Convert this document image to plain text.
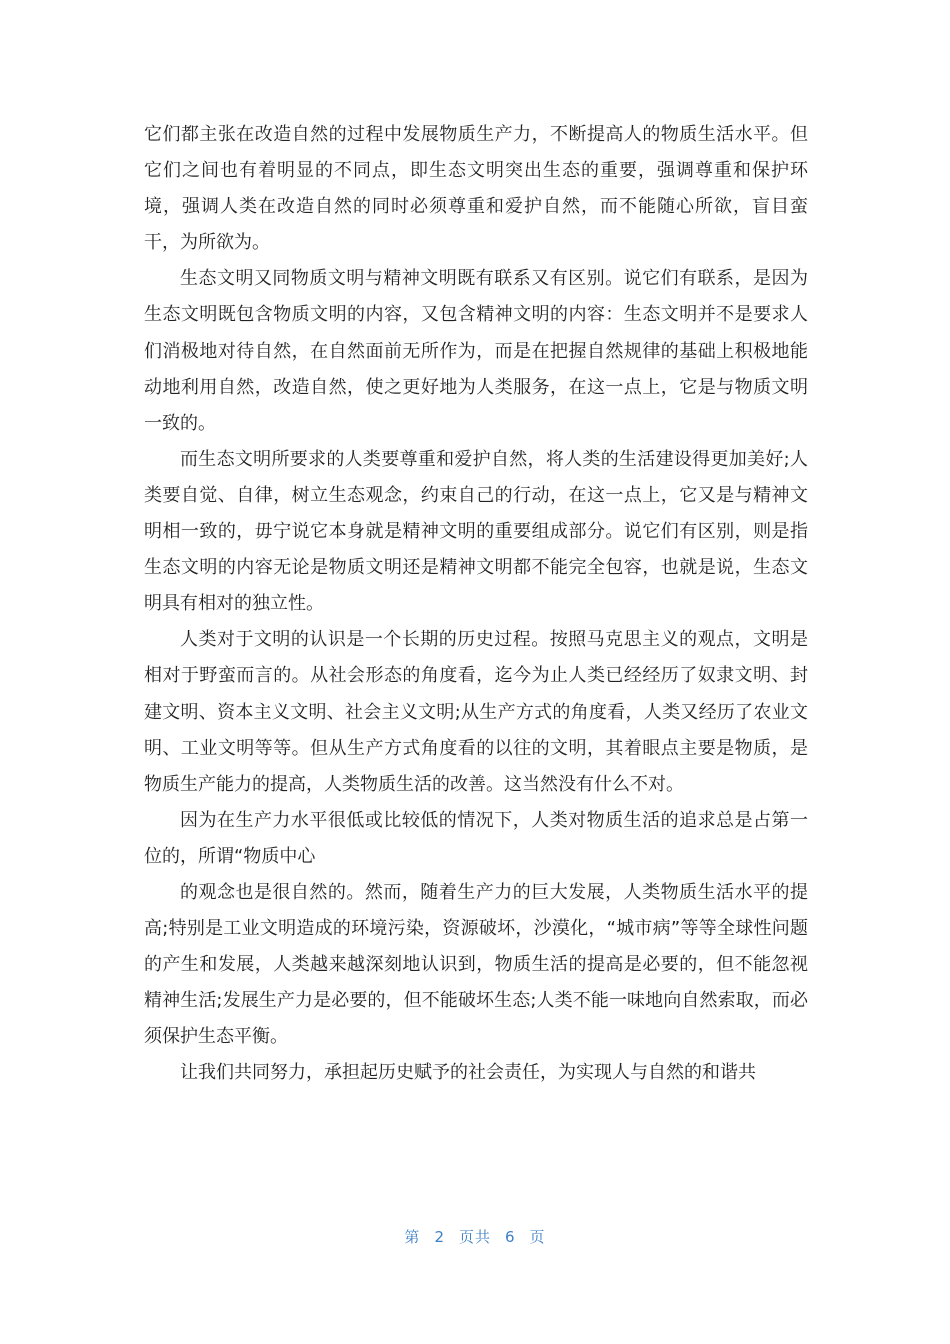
它们都主张在改造自然的过程中发展物质生产力，不断提高人的物质生活水平。但它们之间也有着明显的不同点，即生态文明突出生态的重要，强调尊重和保护环境，强调人类在改造自然的同时必须尊重和爱护自然，而不能随心所欲，盲目蛮干，为所欲为。

生态文明又同物质文明与精神文明既有联系又有区别。说它们有联系，是因为生态文明既包含物质文明的内容，又包含精神文明的内容：生态文明并不是要求人们消极地对待自然，在自然面前无所作为，而是在把握自然规律的基础上积极地能动地利用自然，改造自然，使之更好地为人类服务，在这一点上，它是与物质文明一致的。

而生态文明所要求的人类要尊重和爱护自然，将人类的生活建设得更加美好;人类要自觉、自律，树立生态观念，约束自己的行动，在这一点上，它又是与精神文明相一致的，毋宁说它本身就是精神文明的重要组成部分。说它们有区别，则是指生态文明的内容无论是物质文明还是精神文明都不能完全包容，也就是说，生态文明具有相对的独立性。

人类对于文明的认识是一个长期的历史过程。按照马克思主义的观点，文明是相对于野蛮而言的。从社会形态的角度看，迄今为止人类已经经历了奴隶文明、封建文明、资本主义文明、社会主义文明;从生产方式的角度看，人类又经历了农业文明、工业文明等等。但从生产方式角度看的以往的文明，其着眼点主要是物质，是物质生产能力的提高，人类物质生活的改善。这当然没有什么不对。

因为在生产力水平很低或比较低的情况下，人类对物质生活的追求总是占第一位的，所谓“物质中心

的观念也是很自然的。然而，随着生产力的巨大发展，人类物质生活水平的提高;特别是工业文明造成的环境污染，资源破坏，沙漠化，“城市病”等等全球性问题的产生和发展，人类越来越深刻地认识到，物质生活的提高是必要的，但不能忽视精神生活;发展生产力是必要的，但不能破坏生态;人类不能一味地向自然索取，而必须保护生态平衡。

让我们共同努力，承担起历史赋予的社会责任，为实现人与自然的和谐共

第 2 页共 6 页
